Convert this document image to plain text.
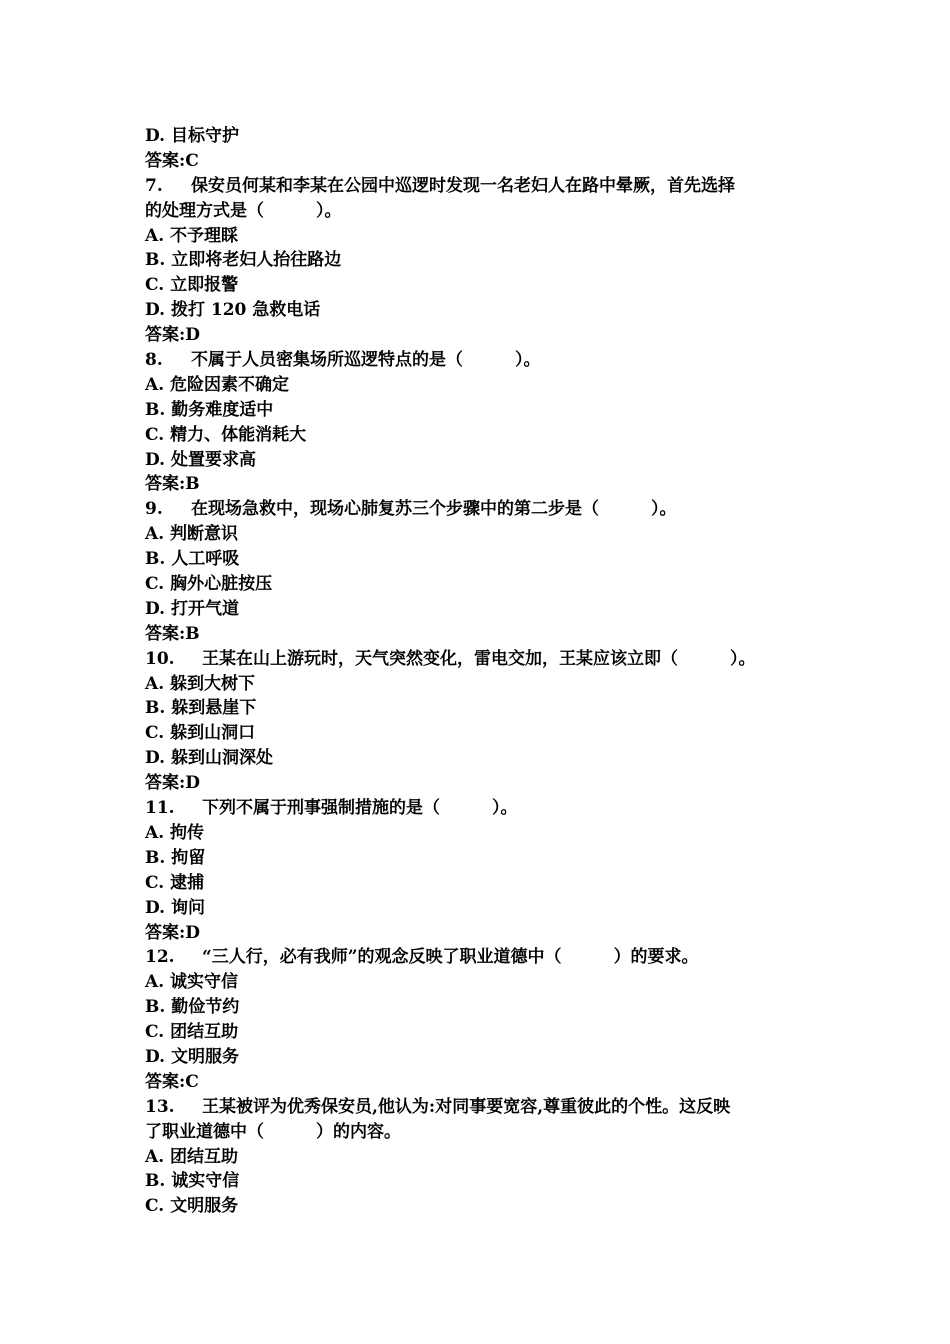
D. 目标守护
答案:C
7. 保安员何某和李某在公园中巡逻时发现一名老妇人在路中晕厥，首先选择
的处理方式是（	）。
A. 不予理睬
B. 立即将老妇人抬往路边
C. 立即报警
D. 拨打 120 急救电话
答案:D
8. 不属于人员密集场所巡逻特点的是（	）。
A. 危险因素不确定
B. 勤务难度适中
C. 精力、体能消耗大
D. 处置要求高
答案:B
9. 在现场急救中，现场心肺复苏三个步骤中的第二步是（	）。
A. 判断意识
B. 人工呼吸
C. 胸外心脏按压
D. 打开气道
答案:B
10. 王某在山上游玩时，天气突然变化，雷电交加，王某应该立即（	）。
A. 躲到大树下
B. 躲到悬崖下
C. 躲到山洞口
D. 躲到山洞深处
答案:D
11. 下列不属于刑事强制措施的是（	）。
A. 拘传
B. 拘留
C. 逮捕
D. 询问
答案:D
12. “三人行，必有我师”的观念反映了职业道德中（	）的要求。
A. 诚实守信
B. 勤俭节约
C. 团结互助
D. 文明服务
答案:C
13. 王某被评为优秀保安员,他认为:对同事要宽容,尊重彼此的个性。这反映
了职业道德中（	）的内容。
A. 团结互助
B. 诚实守信
C. 文明服务
